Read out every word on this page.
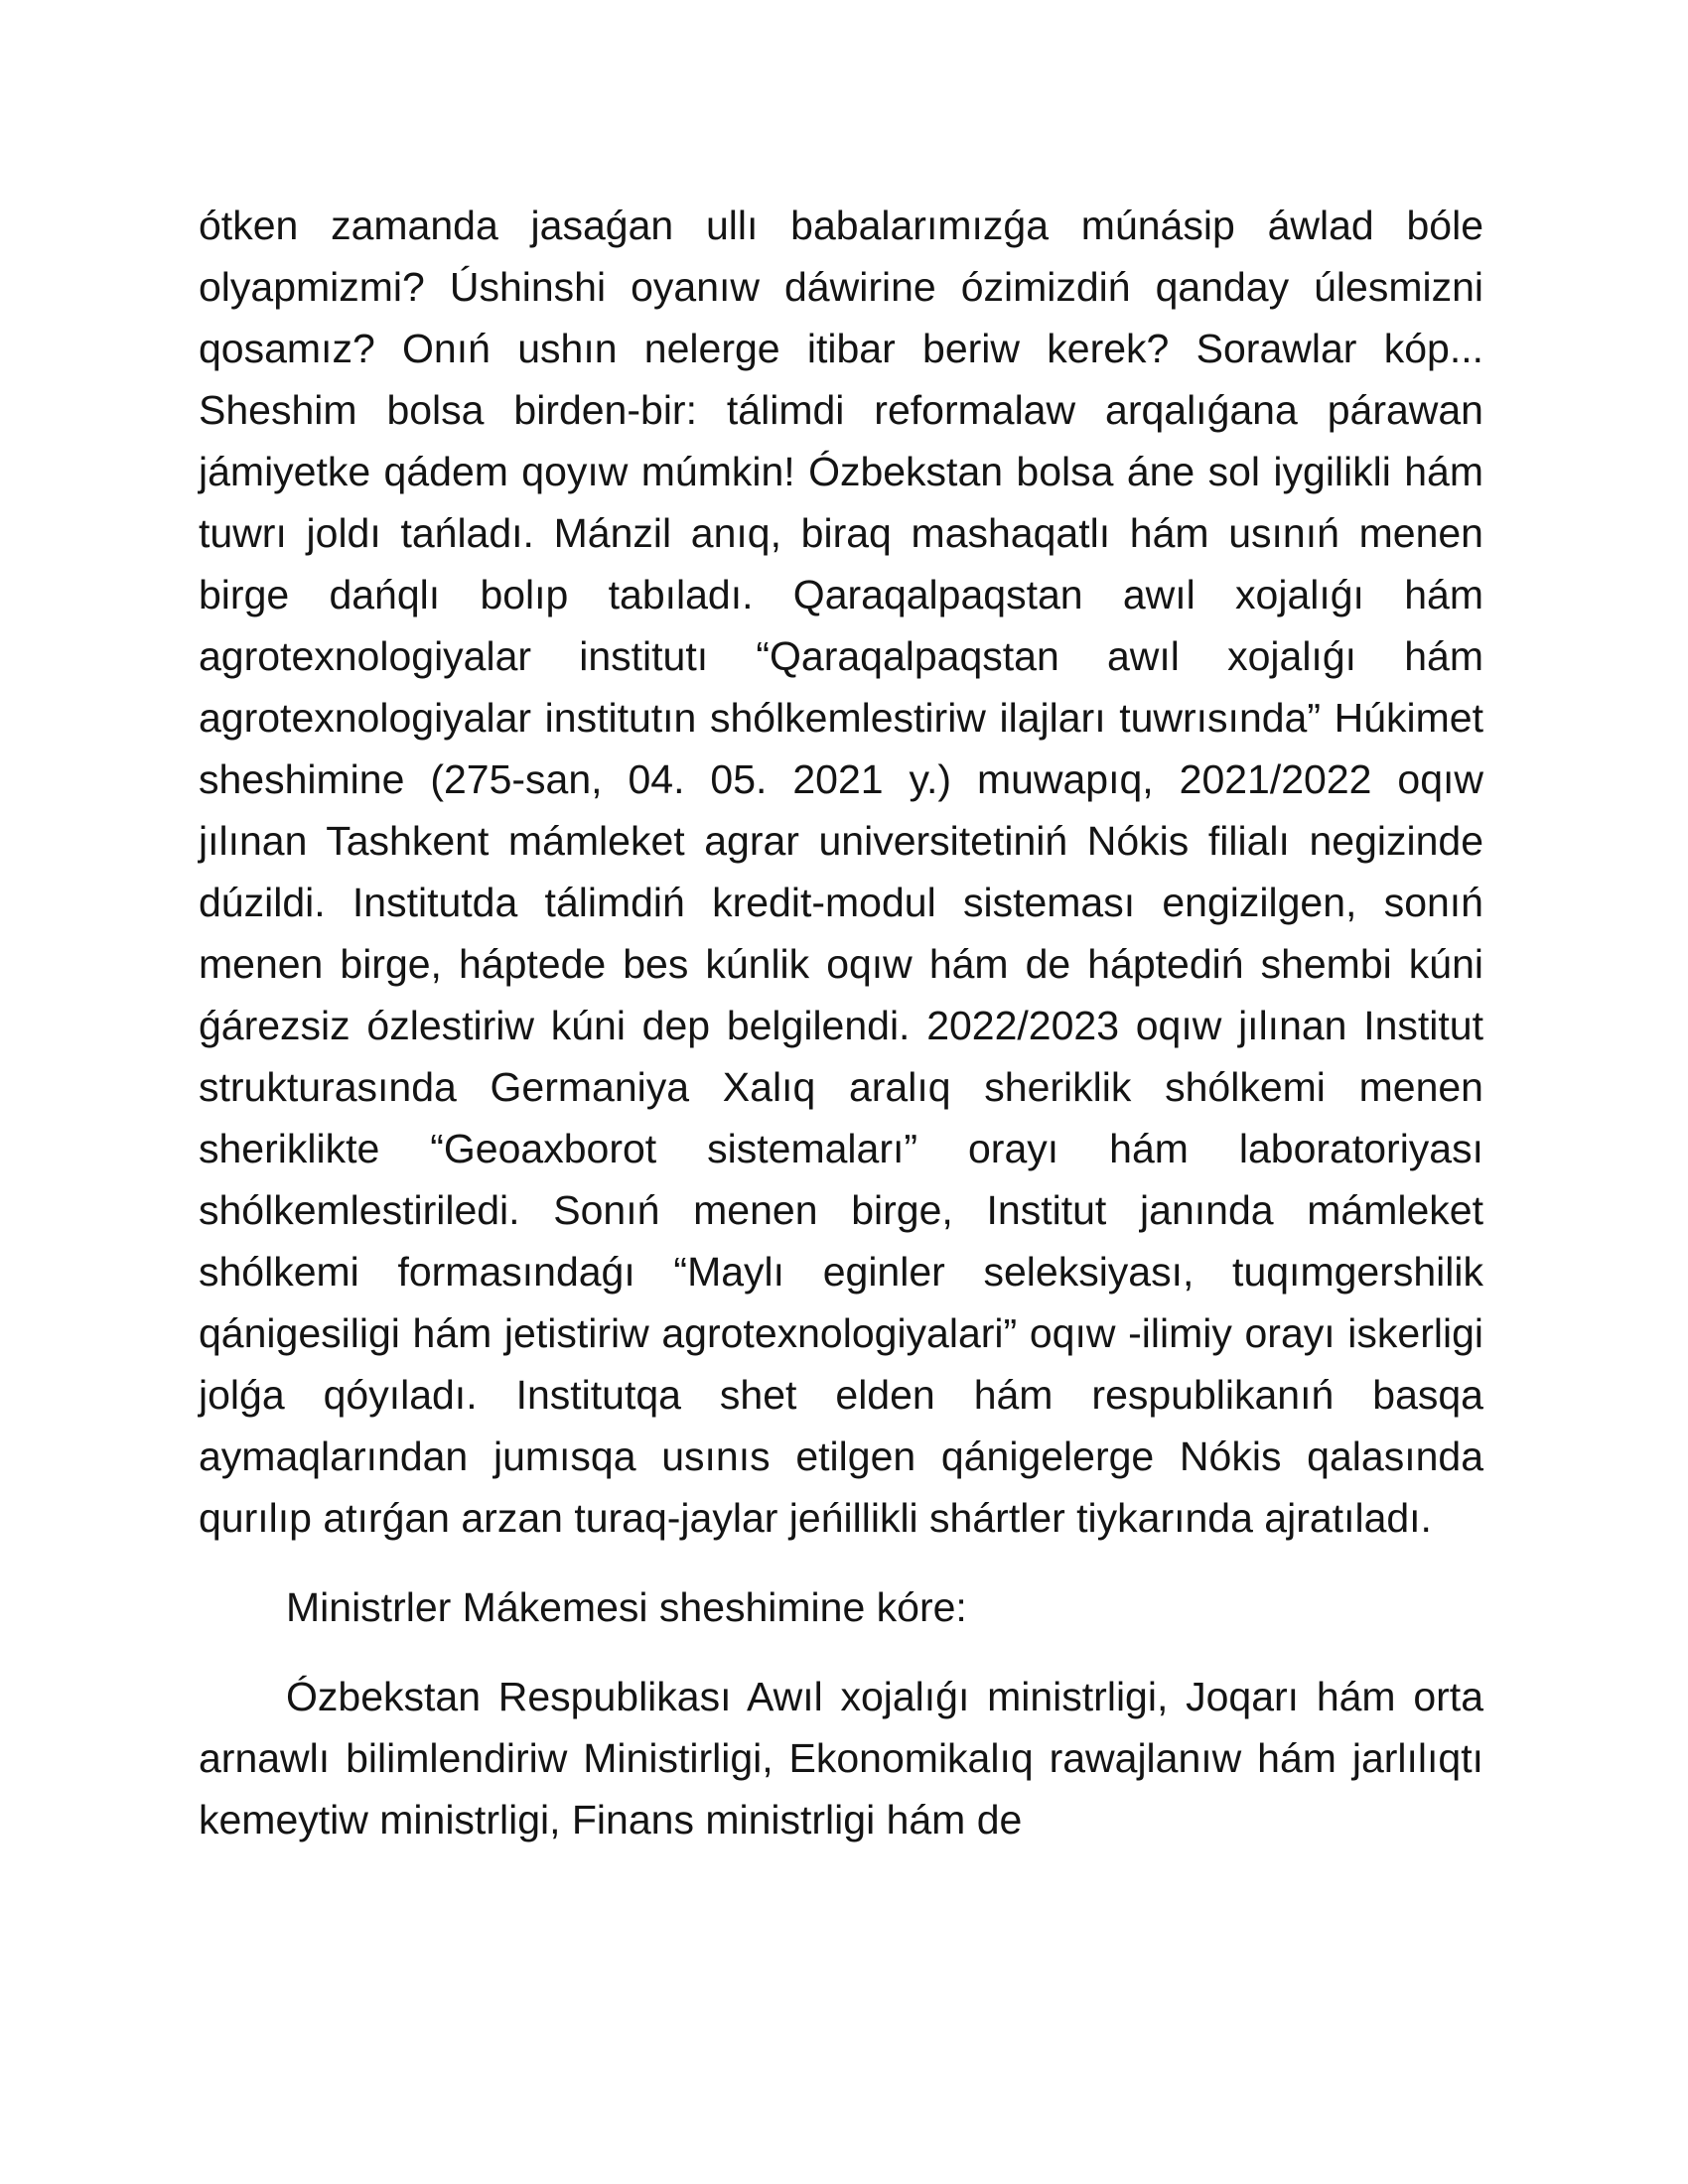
ótken zamanda jasaǵan ullı babalarımızǵa múnásip áwlad bóle olyapmizmi? Úshinshi oyanıw dáwirine ózimizdiń qanday úlesmizni qosamız? Onıń ushın nelerge itibar beriw kerek? Sorawlar kóp... Sheshim bolsa birden-bir: tálimdi reformalaw arqalıǵana párawan jámiyetke qádem qoyıw múmkin! Ózbekstan bolsa áne sol iygilikli hám tuwrı joldı tańladı. Mánzil anıq, biraq mashaqatlı hám usınıń menen birge dańqlı bolıp tabıladı. Qaraqalpaqstan awıl xojalıǵı hám agrotexnologiyalar institutı “Qaraqalpaqstan awıl xojalıǵı hám agrotexnologiyalar institutın shólkemlestiriw ilajları tuwrısında” Húkimet sheshimine (275-san, 04. 05. 2021 y.) muwapıq, 2021/2022 oqıw jılınan Tashkent mámleket agrar universitetiniń Nókis filialı negizinde dúzildi. Institutda tálimdiń kredit-modul sisteması engizilgen, sonıń menen birge, háptede bes kúnlik oqıw hám de háptediń shembi kúni ǵárezsiz ózlestiriw kúni dep belgilendi. 2022/2023 oqıw jılınan Institut strukturasında Germaniya Xalıq aralıq sheriklik shólkemi menen sheriklikte “Geoaxborot sistemaları” orayı hám laboratoriyası shólkemlestiriledi. Sonıń menen birge, Institut janında mámleket shólkemi formasındaǵı “Maylı eginler seleksiyası, tuqımgershilik qánigesiligi hám jetistiriw agrotexnologiyalari” oqıw -ilimiy orayı iskerligi jolǵa qóyıladı. Institutqa shet elden hám respublikanıń basqa aymaqlarından jumısqa usınıs etilgen qánigelerge Nókis qalasında qurılıp atırǵan arzan turaq-jaylar jeńillikli shártler tiykarında ajratıladı.

Ministrler Mákemesi sheshimine kóre:

Ózbekstan Respublikası Awıl xojalıǵı ministrligi, Joqarı hám orta arnawlı bilimlendiriw Ministirligi, Ekonomikalıq rawajlanıw hám jarlılıqtı kemeytiw ministrligi, Finans ministrligi hám de
